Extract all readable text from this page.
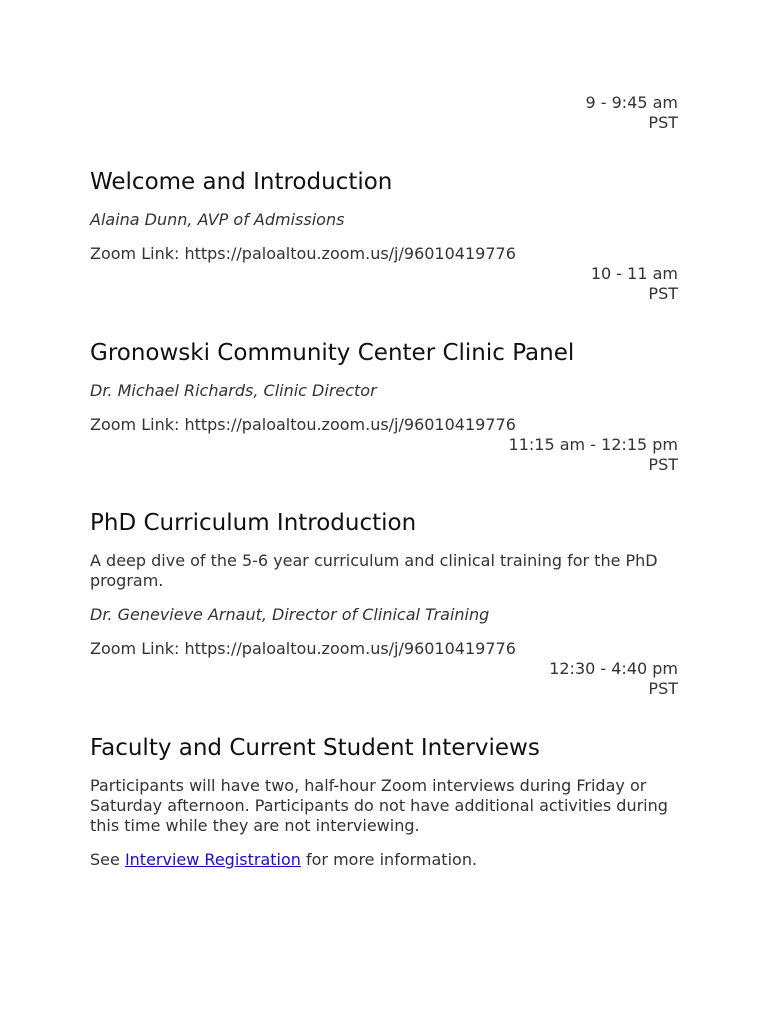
9 - 9:45 am
PST
Welcome and Introduction

Alaina Dunn, AVP of Admissions

Zoom Link: https://paloaltou.zoom.us/j/96010419776

10 - 11 am
PST
Gronowski Community Center Clinic Panel

Dr. Michael Richards, Clinic Director

Zoom Link: https://paloaltou.zoom.us/j/96010419776

11:15 am - 12:15 pm
PST
PhD Curriculum Introduction

A deep dive of the 5-6 year curriculum and clinical training for the PhD program.

Dr. Genevieve Arnaut, Director of Clinical Training

Zoom Link: https://paloaltou.zoom.us/j/96010419776

12:30 - 4:40 pm
PST
Faculty and Current Student Interviews

Participants will have two, half-hour Zoom interviews during Friday or Saturday afternoon. Participants do not have additional activities during this time while they are not interviewing.

See Interview Registration for more information.
